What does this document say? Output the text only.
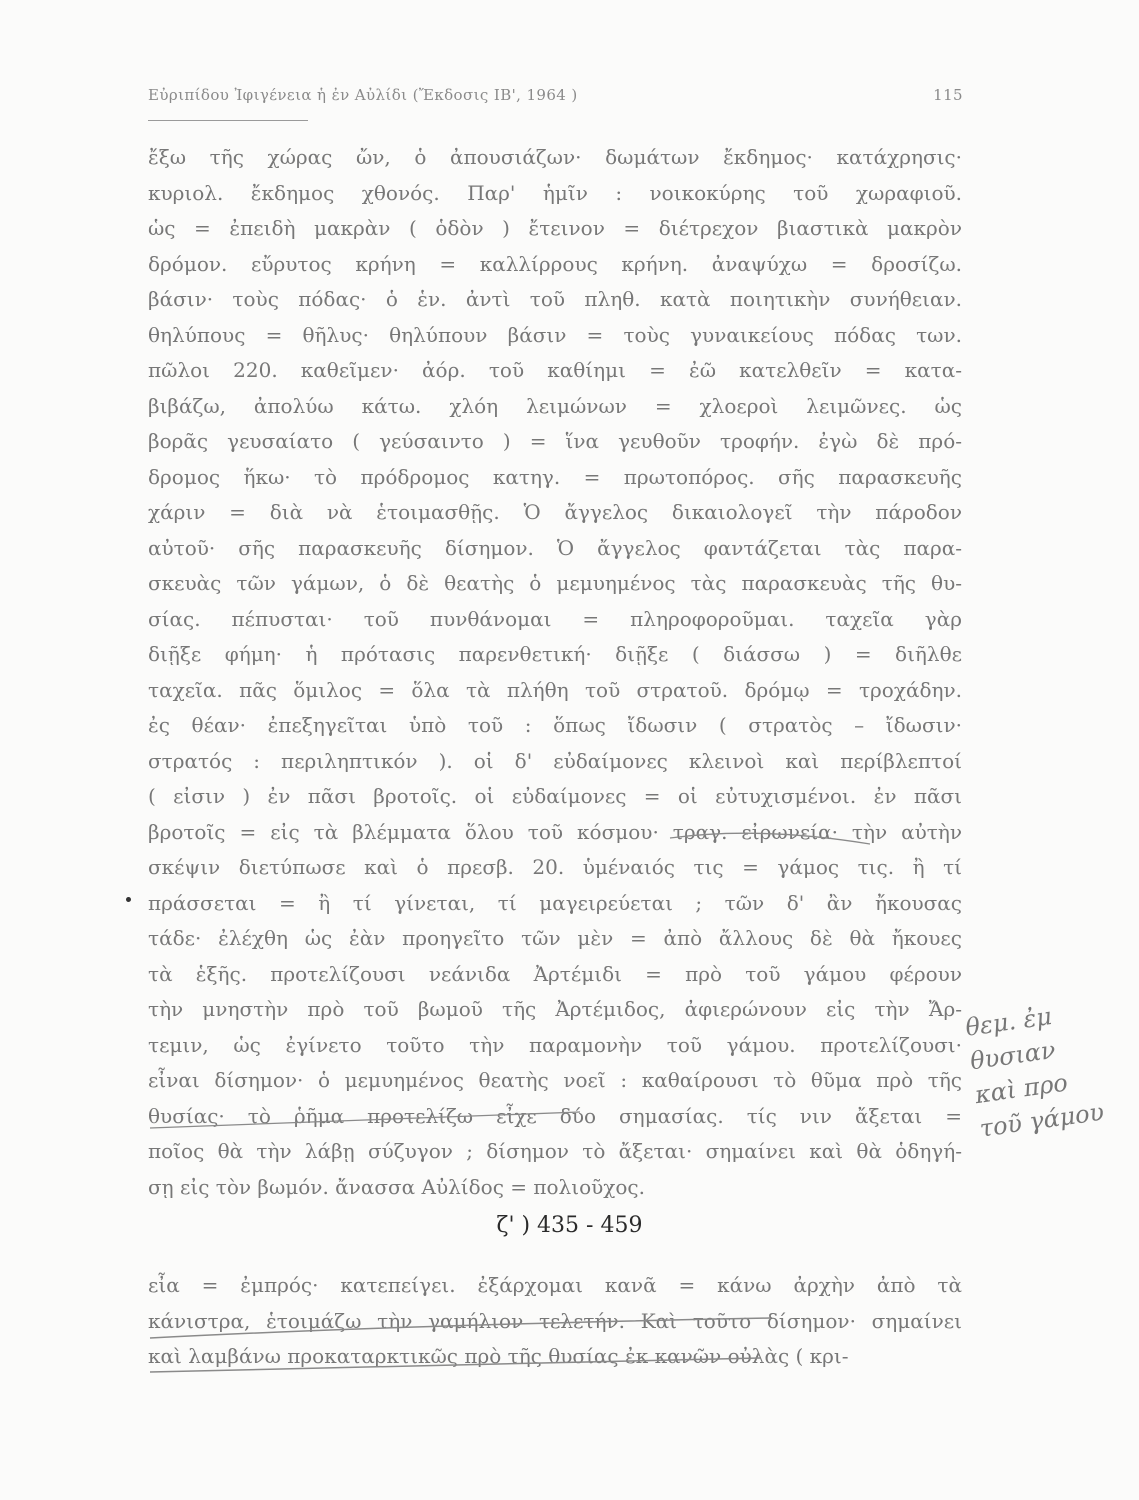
Εὐριπίδου Ἰφιγένεια ἡ ἐν Αὐλίδι (Ἔκδοσις ΙΒ', 1964 )	115
ἔξω τῆς χώρας ὤν, ὁ ἀπουσιάζων· δωμάτων ἔκδημος· κατάχρησις·
κυριολ. ἔκδημος χθονός. Παρ' ἡμῖν : νοικοκύρης τοῦ χωραφιοῦ.
ὡς = ἐπειδὴ μακρὰν ( ὁδὸν ) ἔτεινον = διέτρεχον βιαστικὰ μακρὸν
δρόμον. εὔρυτος κρήνη = καλλίρρους κρήνη. ἀναψύχω = δροσίζω.
βάσιν· τοὺς πόδας· ὁ ἑν. ἀντὶ τοῦ πληθ. κατὰ ποιητικὴν συνήθειαν.
θηλύπους = θῆλυς· θηλύπουν βάσιν = τοὺς γυναικείους πόδας των.
πῶλοι 220. καθεῖμεν· ἀόρ. τοῦ καθίημι = ἐῶ κατελθεῖν = κατα-
βιβάζω, ἀπολύω κάτω. χλόη λειμώνων = χλοεροὶ λειμῶνες. ὡς
βορᾶς γευσαίατο ( γεύσαιντο ) = ἵνα γευθοῦν τροφήν. ἐγὼ δὲ πρό-
δρομος ἥκω· τὸ πρόδρομος κατηγ. = πρωτοπόρος. σῆς παρασκευῆς
χάριν = διὰ νὰ ἑτοιμασθῇς. Ὁ ἄγγελος δικαιολογεῖ τὴν πάροδον
αὐτοῦ· σῆς παρασκευῆς δίσημον. Ὁ ἄγγελος φαντάζεται τὰς παρα-
σκευὰς τῶν γάμων, ὁ δὲ θεατὴς ὁ μεμυημένος τὰς παρασκευὰς τῆς θυ-
σίας. πέπυσται· τοῦ πυνθάνομαι = πληροφοροῦμαι. ταχεῖα γὰρ
διῇξε φήμη· ἡ πρότασις παρενθετική· διῇξε ( διάσσω ) = διῆλθε
ταχεῖα. πᾶς ὅμιλος = ὅλα τὰ πλήθη τοῦ στρατοῦ. δρόμῳ = τροχάδην.
ἐς θέαν· ἐπεξηγεῖται ὑπὸ τοῦ : ὅπως ἴδωσιν ( στρατὸς – ἴδωσιν·
στρατός : περιληπτικόν ). οἱ δ' εὐδαίμονες κλεινοὶ καὶ περίβλεπτοί
( εἰσιν ) ἐν πᾶσι βροτοῖς. οἱ εὐδαίμονες = οἱ εὐτυχισμένοι. ἐν πᾶσι
βροτοῖς = εἰς τὰ βλέμματα ὅλου τοῦ κόσμου· τραγ. εἰρωνεία· τὴν αὐτὴν
σκέψιν διετύπωσε καὶ ὁ πρεσβ. 20. ὑμέναιός τις = γάμος τις. ἢ τί
πράσσεται = ἢ τί γίνεται, τί μαγειρεύεται ; τῶν δ' ἂν ἤκουσας
τάδε· ἐλέχθη ὡς ἐὰν προηγεῖτο τῶν μὲν = ἀπὸ ἄλλους δὲ θὰ ἤκουες
τὰ ἑξῆς. προτελίζουσι νεάνιδα Ἀρτέμιδι = πρὸ τοῦ γάμου φέρουν
τὴν μνηστὴν πρὸ τοῦ βωμοῦ τῆς Ἀρτέμιδος, ἀφιερώνουν εἰς τὴν Ἄρ-
τεμιν, ὡς ἐγίνετο τοῦτο τὴν παραμονὴν τοῦ γάμου. προτελίζουσι·
εἶναι δίσημον· ὁ μεμυημένος θεατὴς νοεῖ : καθαίρουσι τὸ θῦμα πρὸ τῆς
θυσίας· τὸ ῥῆμα προτελίζω εἶχε δύο σημασίας. τίς νιν ἄξεται =
ποῖος θὰ τὴν λάβῃ σύζυγον ; δίσημον τὸ ἄξεται· σημαίνει καὶ θὰ ὁδηγή-
σῃ εἰς τὸν βωμόν. ἄνασσα Αὐλίδος = πολιοῦχος.
ζ' ) 435 - 459
εἶα = ἐμπρός· κατεπείγει. ἐξάρχομαι κανᾶ = κάνω ἀρχὴν ἀπὸ τὰ
κάνιστρα, ἑτοιμάζω τὴν γαμήλιον τελετήν. Καὶ τοῦτο δίσημον· σημαίνει
καὶ λαμβάνω προκαταρκτικῶς πρὸ τῆς θυσίας ἐκ κανῶν οὐλὰς ( κρι-
θεμ. ἐμ
θυσιαν
καὶ προ
τοῦ γάμου
